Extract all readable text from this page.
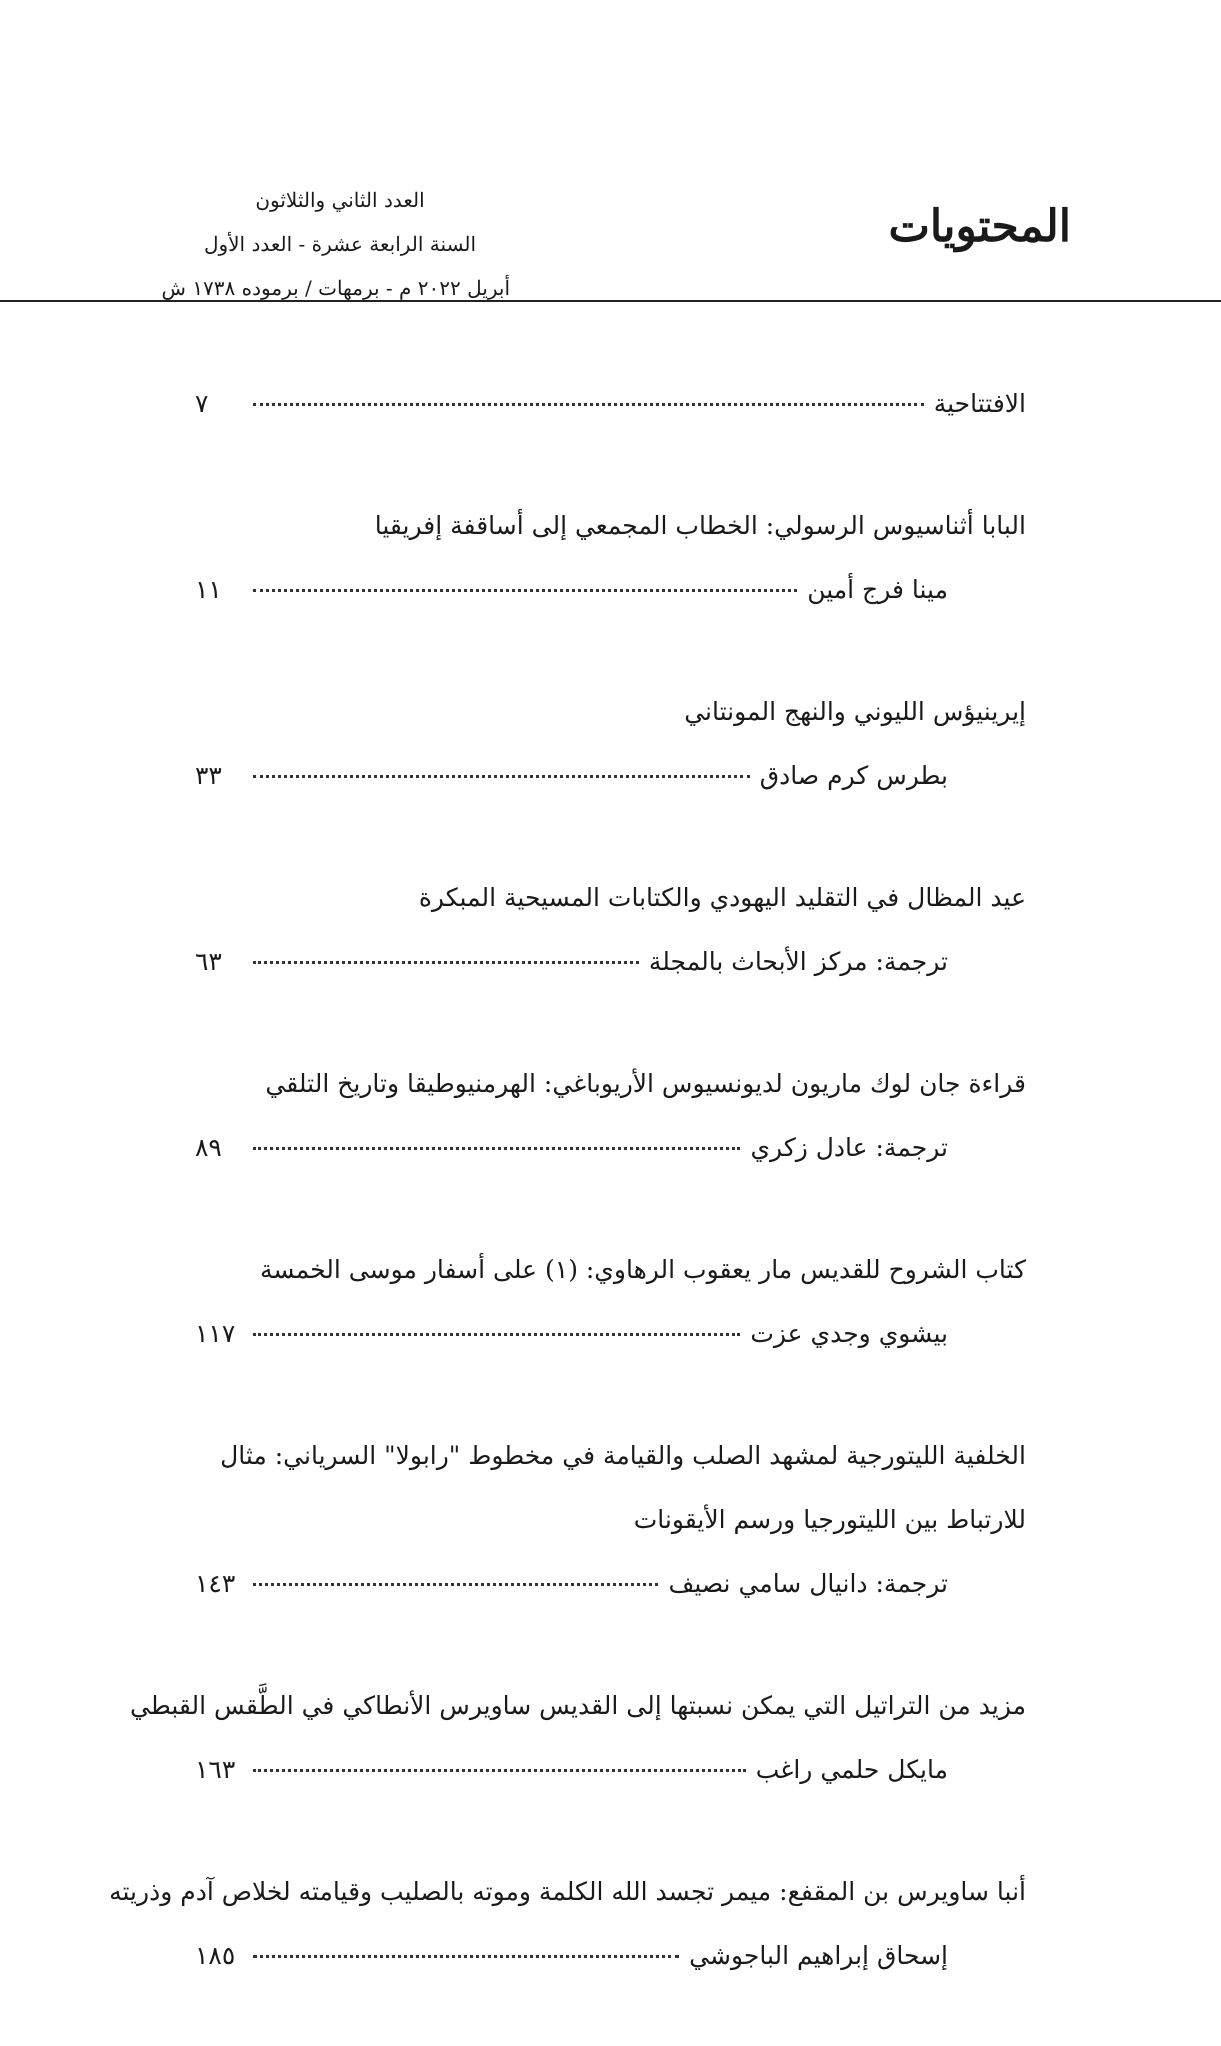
المحتويات
العدد الثاني والثلاثون
السنة الرابعة عشرة - العدد الأول
أبريل ٢٠٢٢ م - برمهات / برموده ١٧٣٨ ش
الافتتاحية
٧
البابا أثناسيوس الرسولي: الخطاب المجمعي إلى أساقفة إفريقيا
مينا فرج أمين
١١
إيرينيؤس الليوني والنهج المونتاني
بطرس كرم صادق
٣٣
عيد المظال في التقليد اليهودي والكتابات المسيحية المبكرة
ترجمة: مركز الأبحاث بالمجلة
٦٣
قراءة جان لوك ماريون لديونسيوس الأريوباغي: الهرمنيوطيقا وتاريخ التلقي
ترجمة: عادل زكري
٨٩
كتاب الشروح للقديس مار يعقوب الرهاوي: (١) على أسفار موسى الخمسة
بيشوي وجدي عزت
١١٧
الخلفية الليتورجية لمشهد الصلب والقيامة في مخطوط "رابولا" السرياني: مثال
للارتباط بين الليتورجيا ورسم الأيقونات
ترجمة: دانيال سامي نصيف
١٤٣
مزيد من التراتيل التي يمكن نسبتها إلى القديس ساويرس الأنطاكي في الطَّقس القبطي
مايكل حلمي راغب
١٦٣
أنبا ساويرس بن المقفع: ميمر تجسد الله الكلمة وموته بالصليب وقيامته لخلاص آدم وذريته
إسحاق إبراهيم الباجوشي
١٨٥
